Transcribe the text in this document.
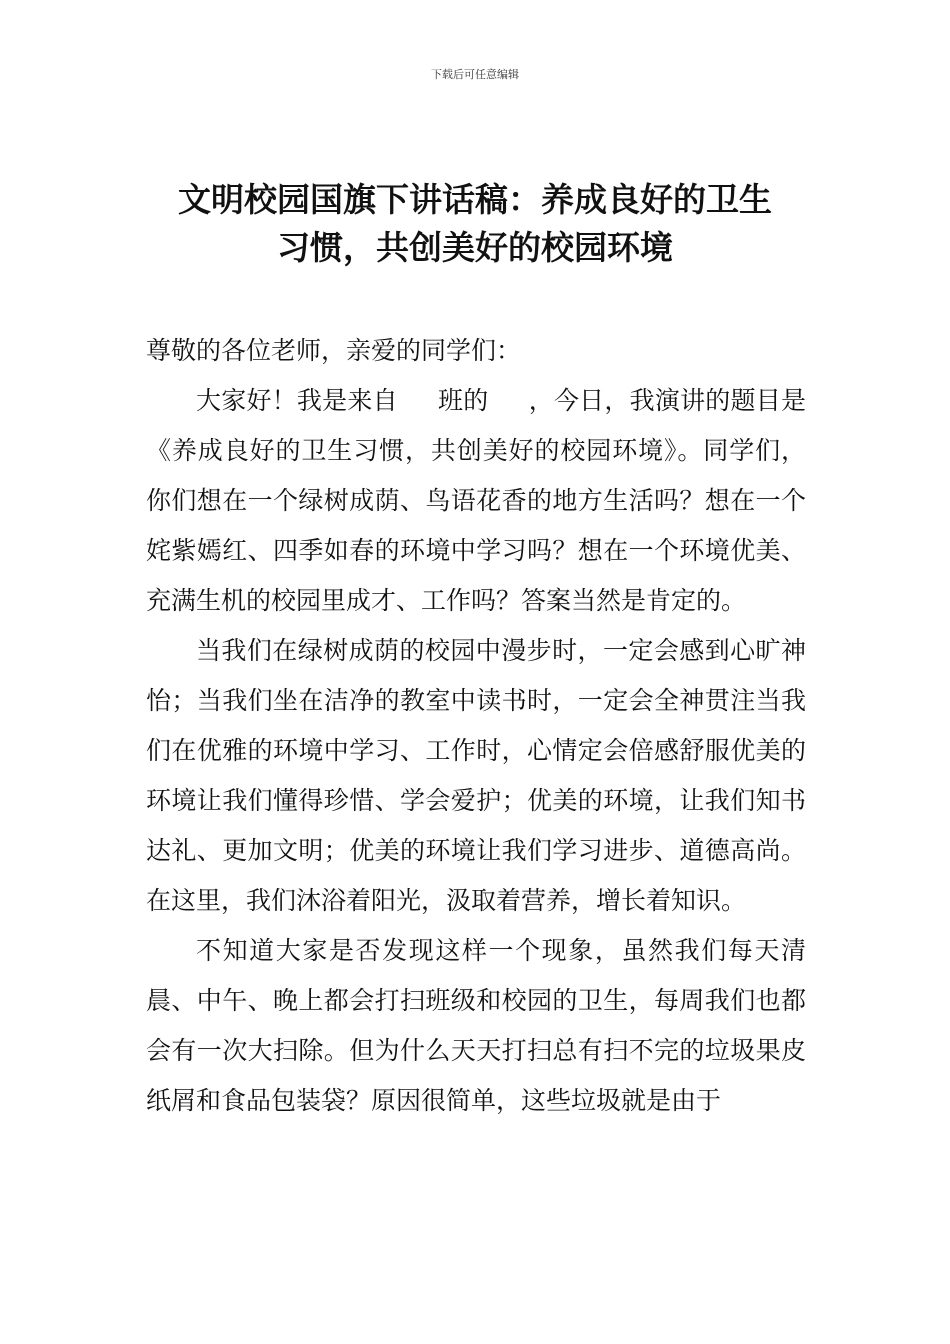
下载后可任意编辑
文明校园国旗下讲话稿：养成良好的卫生
习惯，共创美好的校园环境

尊敬的各位老师，亲爱的同学们：

大家好！我是来自 班的 ，今日，我演讲的题目是《养成良好的卫生习惯，共创美好的校园环境》。同学们，你们想在一个绿树成荫、鸟语花香的地方生活吗？想在一个姹紫嫣红、四季如春的环境中学习吗？想在一个环境优美、充满生机的校园里成才、工作吗？答案当然是肯定的。

当我们在绿树成荫的校园中漫步时，一定会感到心旷神怡；当我们坐在洁净的教室中读书时，一定会全神贯注当我们在优雅的环境中学习、工作时，心情定会倍感舒服优美的环境让我们懂得珍惜、学会爱护；优美的环境，让我们知书达礼、更加文明；优美的环境让我们学习进步、道德高尚。在这里，我们沐浴着阳光，汲取着营养，增长着知识。

不知道大家是否发现这样一个现象，虽然我们每天清晨、中午、晚上都会打扫班级和校园的卫生，每周我们也都会有一次大扫除。但为什么天天打扫总有扫不完的垃圾果皮纸屑和食品包装袋？原因很简单，这些垃圾就是由于
